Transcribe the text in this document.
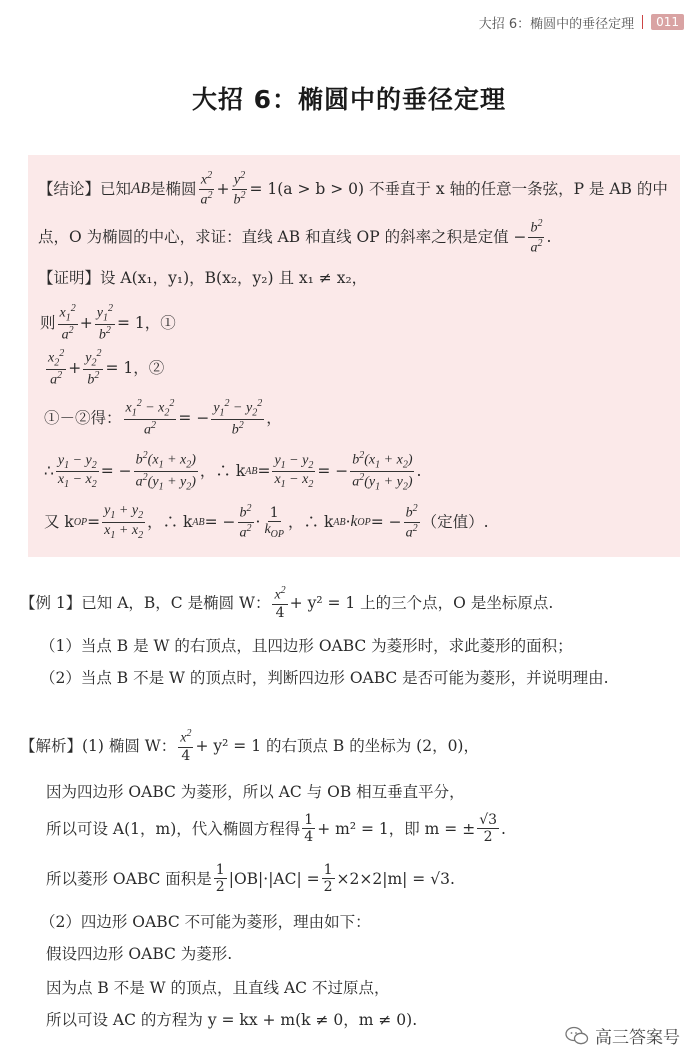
大招 6：椭圆中的垂径定理	011
大招 6：椭圆中的垂径定理
【结论】已知 AB 是椭圆 $\frac{x^2}{a^2} + \frac{y^2}{b^2} = 1(a > b > 0)$ 不垂直于 x 轴的任意一条弦，P 是 AB 的中
点，O 为椭圆的中心，求证：直线 AB 和直线 OP 的斜率之积是定值 − $\frac{b^2}{a^2}$ .
【证明】设 A(x₁，y₁)，B(x₂，y₂) 且 x₁ ≠ x₂，
则 $\frac{x_1^2}{a^2} + \frac{y_1^2}{b^2} = 1$，①
$\frac{x_2^2}{a^2} + \frac{y_2^2}{b^2} = 1$，②
①－②得： $\frac{x_1^2 - x_2^2}{a^2}$ = − $\frac{y_1^2 - y_2^2}{b^2}$ ，
∴ $\frac{y_1 - y_2}{x_1 - x_2}$ = − $\frac{b^2(x_1 + x_2)}{a^2(y_1 + y_2)}$ ，∴ k AB = $\frac{y_1 - y_2}{x_1 - x_2}$ = − $\frac{b^2(x_1 + x_2)}{a^2(y_1 + y_2)}$ .
又 k OP = $\frac{y_1 + y_2}{x_1 + x_2}$ ，∴ k AB = − $\frac{b^2}{a^2} \cdot \frac{1}{k_{OP}}$ ，∴ k AB · k OP = − $\frac{b^2}{a^2}$ （定值）.
【例 1】已知 A，B，C 是椭圆 W： $\frac{x^2}{4} + y^2 = 1$ 上的三个点，O 是坐标原点.
（1）当点 B 是 W 的右顶点，且四边形 OABC 为菱形时，求此菱形的面积；
（2）当点 B 不是 W 的顶点时，判断四边形 OABC 是否可能为菱形，并说明理由.
【解析】(1) 椭圆 W： $\frac{x^2}{4} + y^2 = 1$ 的右顶点 B 的坐标为 (2，0)，
因为四边形 OABC 为菱形，所以 AC 与 OB 相互垂直平分，
所以可设 A(1，m)，代入椭圆方程得 $\frac{1}{4} + m^2 = 1$，即 m = ± $\frac{√3}{2}$ .
所以菱形 OABC 面积是 $\frac{1}{2} |OB|\cdot|AC| = \frac{1}{2} \times 2\times 2|m| = √3$.
（2）四边形 OABC 不可能为菱形，理由如下：
假设四边形 OABC 为菱形.
因为点 B 不是 W 的顶点，且直线 AC 不过原点，
所以可设 AC 的方程为 y = kx + m(k ≠ 0，m ≠ 0).
高三答案号
